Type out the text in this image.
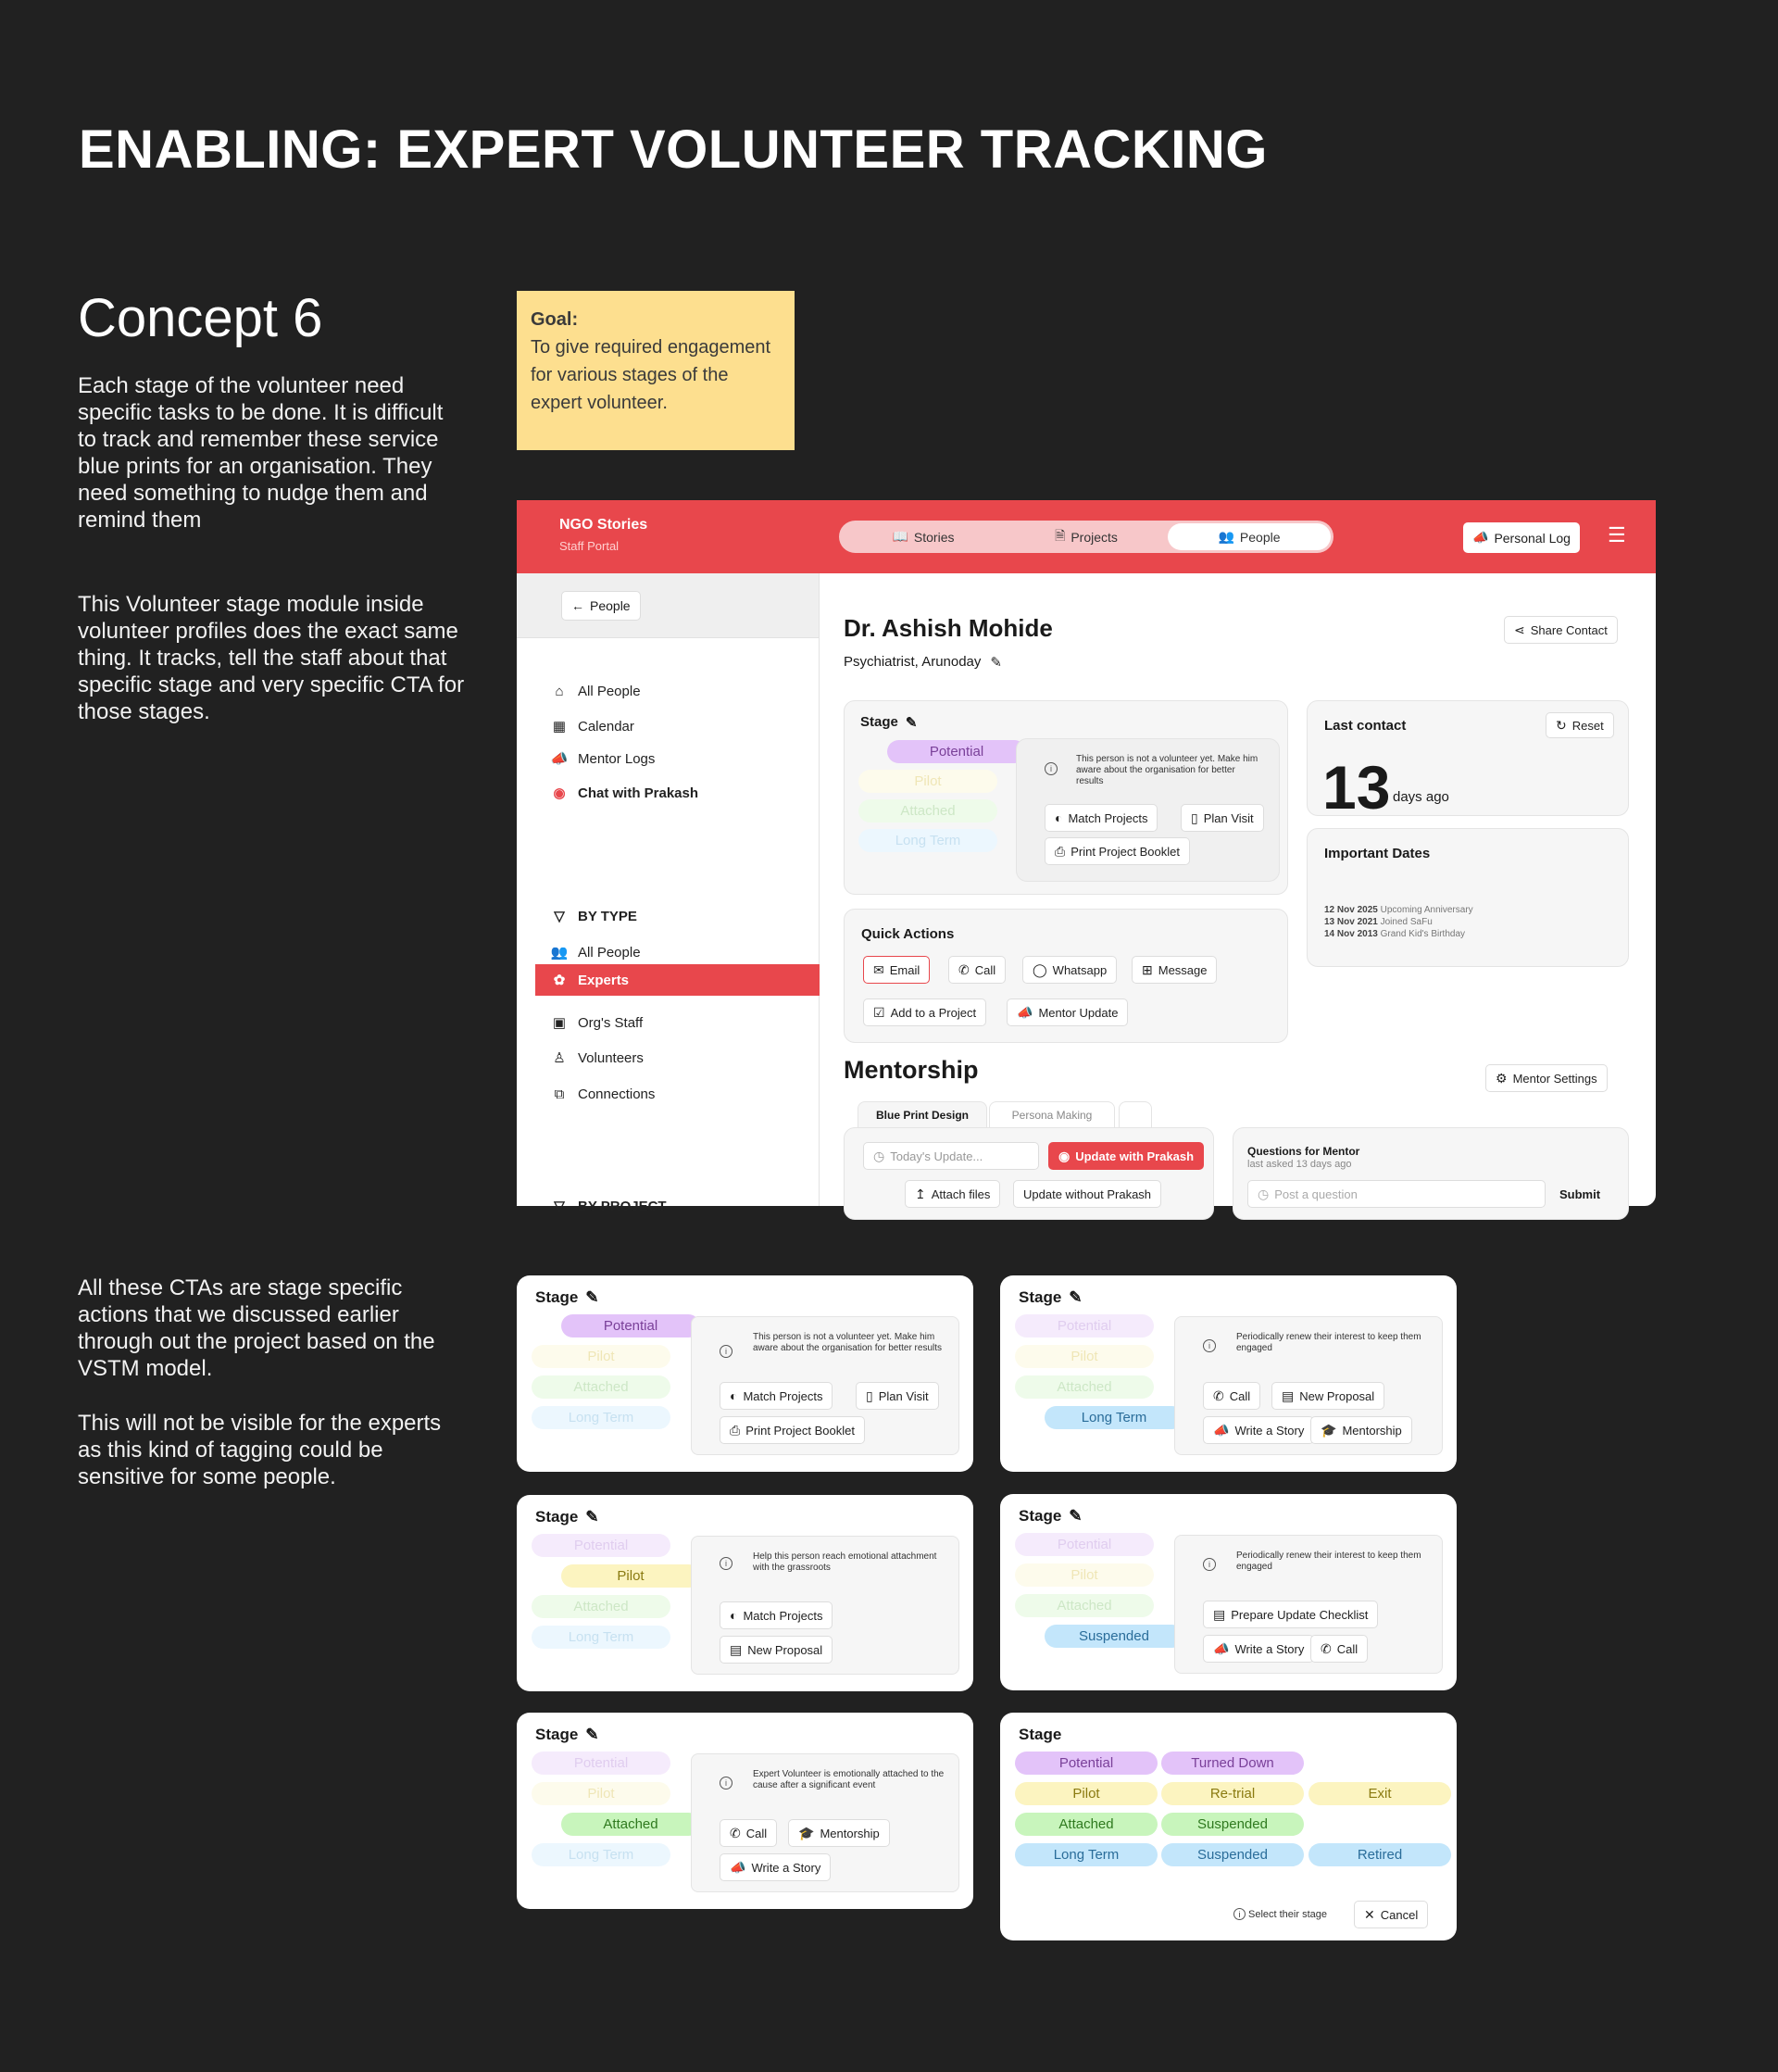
ENABLING: EXPERT VOLUNTEER TRACKING
Concept 6
Each stage of the volunteer need specific tasks to be done. It is difficult to track and remember these service blue prints for an organisation. They need something to nudge them and remind them
This Volunteer stage module inside volunteer profiles does the exact same thing. It tracks, tell the staff about that specific stage and very specific CTA for those stages.
All these CTAs are stage specific actions that we discussed earlier through out the project based on the VSTM model.
This will not be visible for the experts as this kind of tagging could be sensitive for some people.
Goal:
To give required engagement for various stages of the expert volunteer.
NGO Stories
Staff Portal
📖 Stories	🗎 Projects	👥 People	📣 Personal Log ☰
← People
⌂	All People
▦ Calendar
📣 Mentor Logs
◉ Chat with Prakash
▽ BY TYPE
👥 All People
✿ Experts
▣ Org's Staff
♙ Volunteers
⧉ Connections
▽ BY PROJECT
Dr. Ashish Mohide
Psychiatrist, Arunoday ✎
⋖ Share Contact
Stage ✎
Potential
Pilot
Attached
Long Term
i
This person is not a volunteer yet. Make him aware about the organisation for better results
◐ Match Projects	▯ Plan Visit
⎙ Print Project Booklet
Last contact	↻ Reset
13 days ago
Important Dates
12 Nov 2025 Upcoming Anniversary
13 Nov 2021 Joined SaFu
14 Nov 2013 Grand Kid's Birthday
Quick Actions
✉ Email	✆ Call	◯ Whatsapp	⊞ Message
☑ Add to a Project	📣 Mentor Update
Mentorship	⚙ Mentor Settings
Blue Print Design	Persona Making
◷ Today's Update...	◉ Update with Prakash
↥ Attach files	Update without Prakash
Questions for Mentor
last asked 13 days ago
◷ Post a question	Submit
Stage ✎
Potential
Pilot
Attached
Long Term
i
This person is not a volunteer yet. Make him aware about the organisation for better results
◐ Match Projects	▯ Plan Visit
⎙ Print Project Booklet
Stage ✎
Potential
Pilot
Attached
Long Term
i
Periodically renew their interest to keep them engaged
✆ Call ▤ New Proposal
📣 Write a Story 🎓 Mentorship
Stage ✎
Potential
Pilot
Attached
Long Term
i
Help this person reach emotional attachment with the grassroots
◐ Match Projects
▤ New Proposal
Stage ✎
Potential
Pilot
Attached
Suspended
i
Periodically renew their interest to keep them engaged
▤ Prepare Update Checklist
📣 Write a Story ✆ Call
Stage ✎
Potential
Pilot
Attached
Long Term
i
Expert Volunteer is emotionally attached to the cause after a significant event
✆ Call 🎓 Mentorship
📣 Write a Story
Stage
Potential	Turned Down
Pilot	Re-trial	Exit
Attached	Suspended
Long Term	Suspended	Retired
i Select their stage	✕ Cancel
